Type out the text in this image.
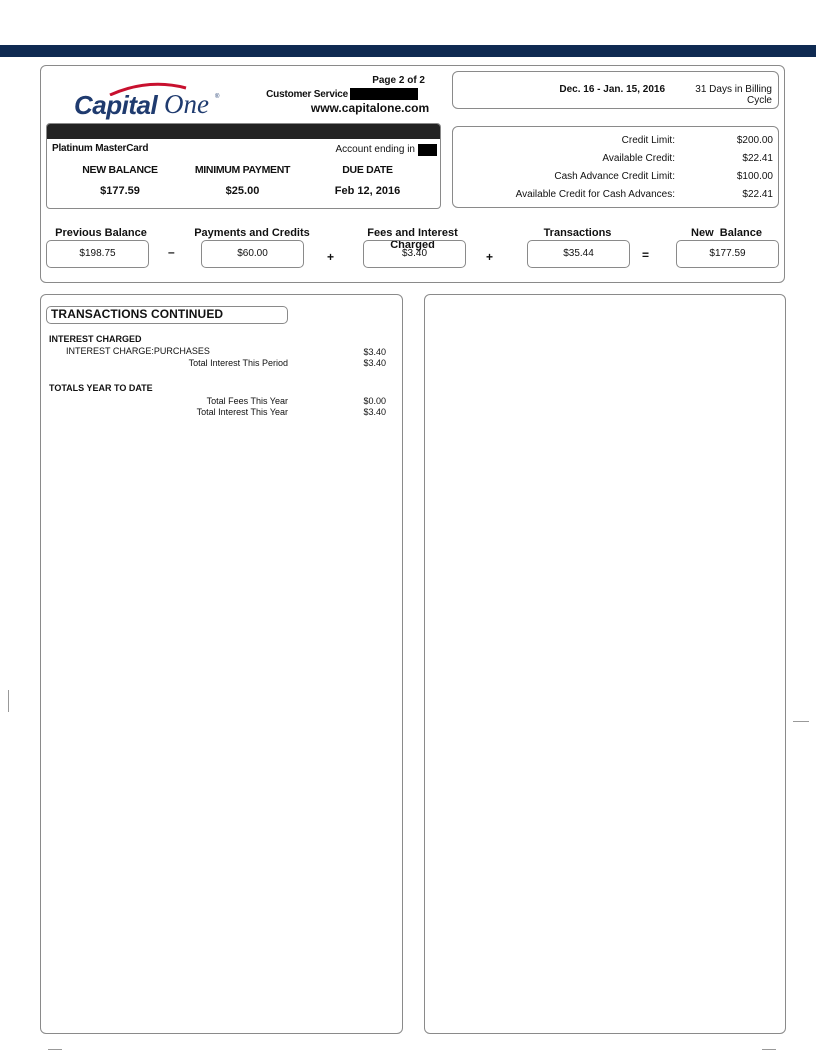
Capital One ®
Page 2 of 2
Customer Service
www.capitalone.com
Dec. 16 - Jan. 15, 2016	31 Days in Billing Cycle
Platinum MasterCard	Account ending in
NEW BALANCE	MINIMUM PAYMENT	DUE DATE
$177.59	$25.00	Feb 12, 2016
Credit Limit:	$200.00
Available Credit:	$22.41
Cash Advance Credit Limit:	$100.00
Available Credit for Cash Advances:	$22.41
Previous Balance
$198.75	–
Payments and Credits
$60.00	+
Fees and Interest Charged
$3.40	+
Transactions
$35.44	=
New  Balance
$177.59
TRANSACTIONS CONTINUED
INTEREST CHARGED
INTEREST CHARGE:PURCHASES	$3.40
Total Interest This Period	$3.40
TOTALS YEAR TO DATE
Total Fees This Year	$0.00
Total Interest This Year	$3.40
